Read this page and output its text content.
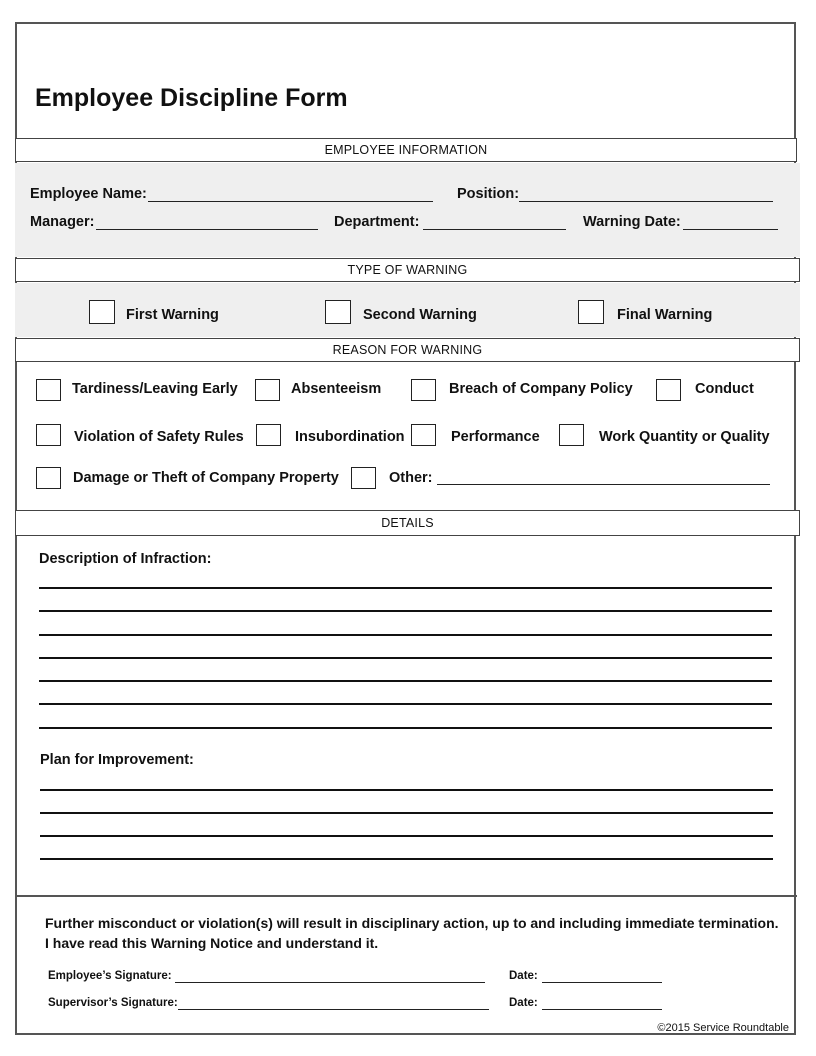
Employee Discipline Form
EMPLOYEE INFORMATION
Employee Name:	Position:
Manager:	Department:	Warning Date:
TYPE OF WARNING
First Warning	Second Warning	Final Warning
REASON FOR WARNING
Tardiness/Leaving Early	Absenteeism	Breach of Company Policy	Conduct
Violation of Safety Rules	Insubordination	Performance	Work Quantity or Quality
Damage or Theft of Company Property	Other:
DETAILS
Description of Infraction:
Plan for Improvement:
Further misconduct or violation(s) will result in disciplinary action, up to and including immediate termination.
I have read this Warning Notice and understand it.
Employee’s Signature:	Date:
Supervisor’s Signature:	Date:
©2015 Service Roundtable
